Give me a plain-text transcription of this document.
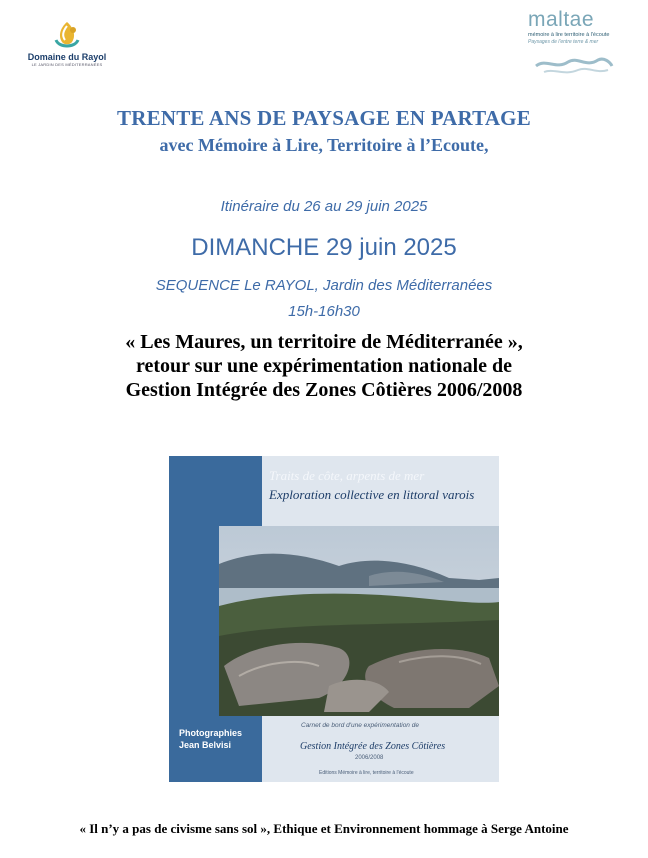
Domaine du Rayol
LE JARDIN DES MÉDITERRANÉES
maltae
mémoire à lire territoire à l'écoute
Paysages de l'entre terre & mer
TRENTE ANS DE PAYSAGE EN PARTAGE
avec Mémoire à Lire, Territoire à l’Ecoute,
Itinéraire du 26 au 29 juin 2025
DIMANCHE 29 juin 2025
SEQUENCE Le RAYOL, Jardin des Méditerranées
15h-16h30
« Les Maures, un territoire de Méditerranée »,
retour sur une expérimentation nationale de
Gestion Intégrée des Zones Côtières 2006/2008
Traits de côte, arpents de mer
Exploration collective en littoral varois
Photographies
Jean Belvisi
Carnet de bord d'une expérimentation de
Gestion Intégrée des Zones Côtières
2006/2008
Editions Mémoire à lire, territoire à l'écoute
« Il n’y a pas de civisme sans sol », Ethique et Environnement hommage à Serge Antoine
